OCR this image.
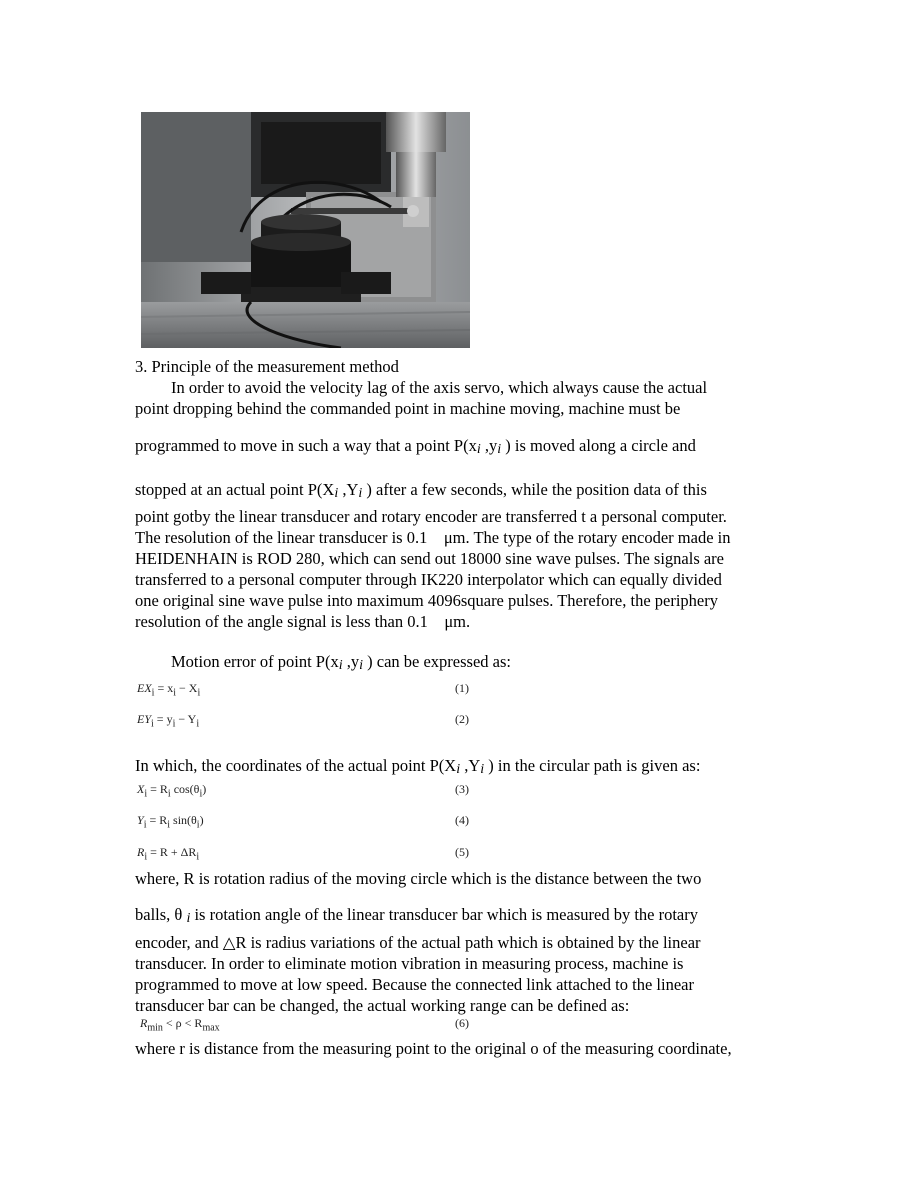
3. Principle of the measurement method
In order to avoid the velocity lag of the axis servo, which always cause the actual
point dropping behind the commanded point in machine moving, machine must be
programmed to move in such a way that a point P(xi ,yi ) is moved along a circle and
stopped at an actual point P(Xi ,Yi ) after a few seconds, while the position data of this
point gotby the linear transducer and rotary encoder are transferred t a personal computer.
The resolution of the linear transducer is 0.1　μm. The type of the rotary encoder made in
HEIDENHAIN is ROD 280, which can send out 18000 sine wave pulses. The signals are
transferred to a personal computer through IK220 interpolator which can equally divided
one original sine wave pulse into maximum 4096square pulses. Therefore, the periphery
resolution of the angle signal is less than 0.1　μm.
Motion error of point P(xi ,yi ) can be expressed as:
$EX_i = x_i - X_i$	(1)
$EY_i = y_i - Y_i$	(2)
In which, the coordinates of the actual point P(Xi ,Yi ) in the circular path is given as:
$X_i = R_i$ $\cos(\theta_i)$	(3)
$Y_i = R_i$ $\sin(\theta_i)$	(4)
$R_i = R + \Delta R_i$	(5)
where, R is rotation radius of the moving circle which is the distance between the two
balls, θ i is rotation angle of the linear transducer bar which is measured by the rotary
encoder, and △R is radius variations of the actual path which is obtained by the linear
transducer. In order to eliminate motion vibration in measuring process, machine is
programmed to move at low speed. Because the connected link attached to the linear
transducer bar can be changed, the actual working range can be defined as:
$R_{min} < \rho < R_{max}$	(6)
where r is distance from the measuring point to the original o of the measuring coordinate,
